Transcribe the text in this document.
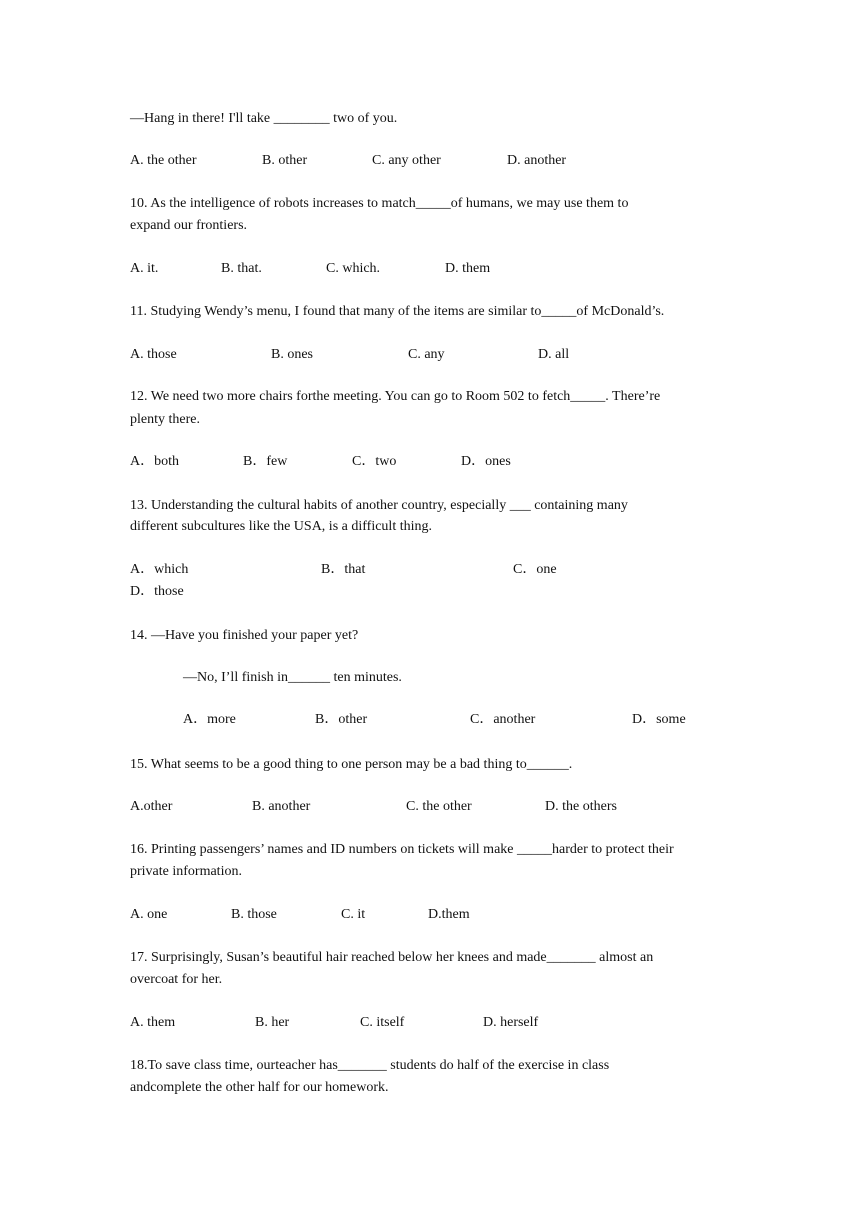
—Hang in there! I'll take ________ two of you.
A. the other	B. other	C. any other	D. another
10. As the intelligence of robots increases to match_____of humans, we may use them to
expand our frontiers.
A. it.	B. that.	C. which.	D. them
11. Studying Wendy’s menu, I found that many of the items are similar to_____of McDonald’s.
A. those	B. ones	C. any	D. all
12. We need two more chairs forthe meeting. You can go to Room 502 to fetch_____. There’re
plenty there.
A．both	B．few	C．two	D．ones
13. Understanding the cultural habits of another country, especially ___ containing many
different subcultures like the USA, is a difficult thing.
A．which	B．that	C．one
D．those
14. —Have you finished your paper yet?
—No, I’ll finish in______ ten minutes.
A．more	B．other	C．another	D．some
15. What seems to be a good thing to one person may be a bad thing to______.
A.other	B. another	C. the other	D. the others
16. Printing passengers’ names and ID numbers on tickets will make _____harder to protect their
private information.
A. one	B. those	C. it	D.them
17. Surprisingly, Susan’s beautiful hair reached below her knees and made_______ almost an
overcoat for her.
A. them	B. her	C. itself	D. herself
18.To save class time, ourteacher has_______ students do half of the exercise in class
andcomplete the other half for our homework.
